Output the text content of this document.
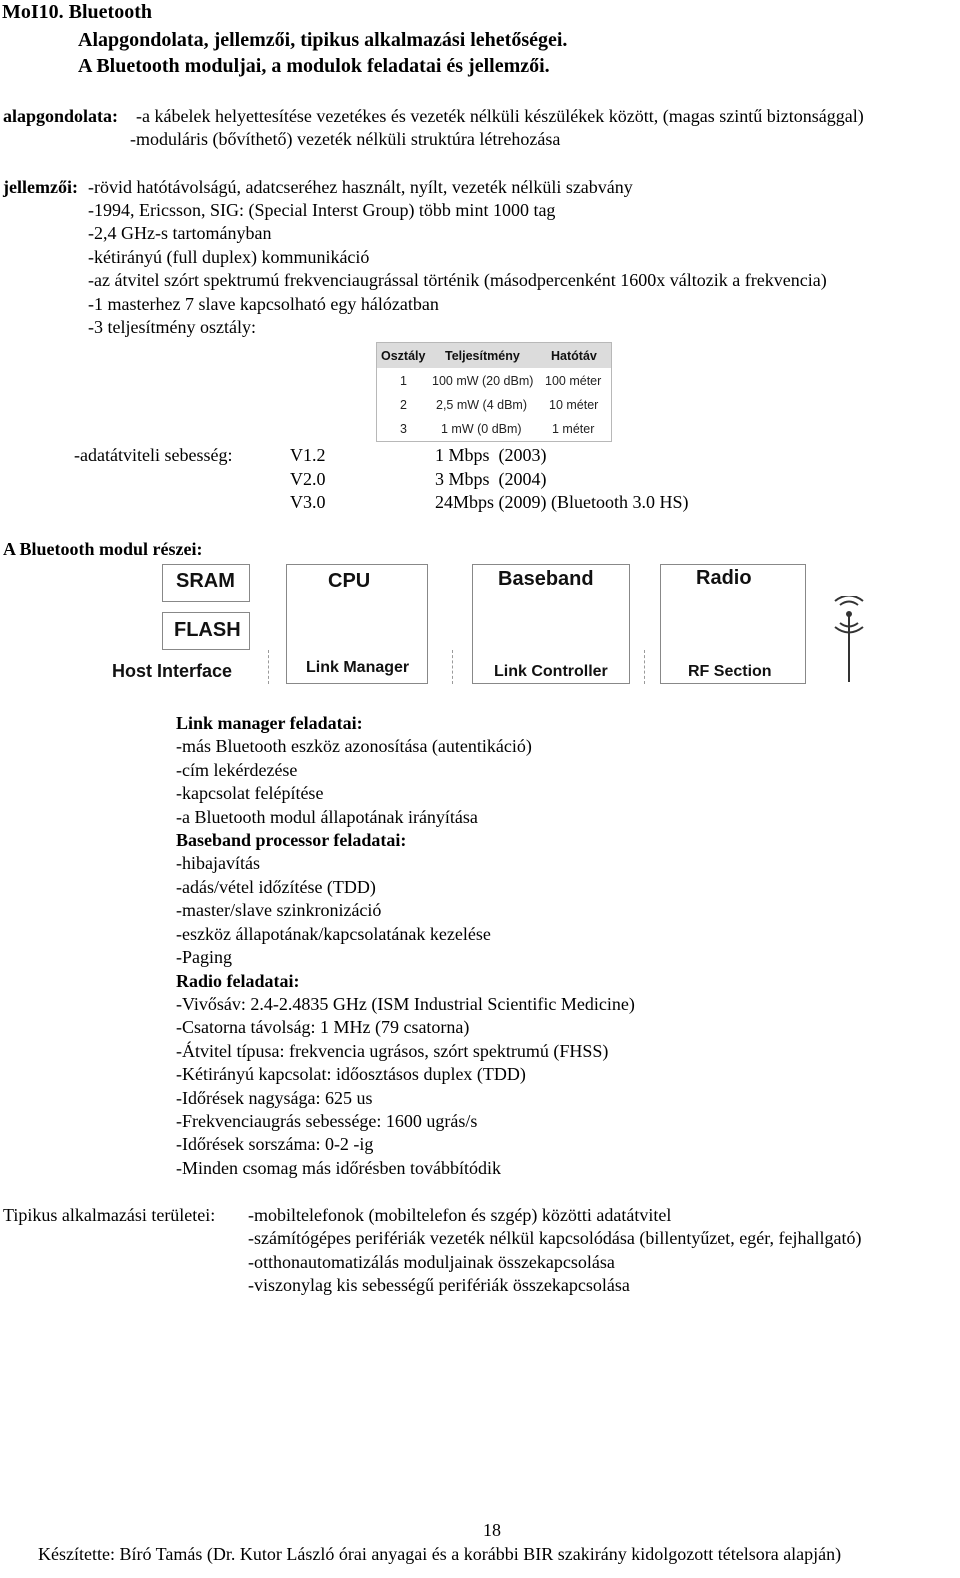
MoI10. Bluetooth
Alapgondolata, jellemzői, tipikus alkalmazási lehetőségei.
A Bluetooth moduljai, a modulok feladatai és jellemzői.
alapgondolata: -a kábelek helyettesítése vezetékes és vezeték nélküli készülékek között, (magas szintű biztonsággal)
-moduláris (bővíthető) vezeték nélküli struktúra létrehozása
jellemzői: -rövid hatótávolságú, adatcseréhez használt, nyílt, vezeték nélküli szabvány
-1994, Ericsson, SIG: (Special Interst Group) több mint 1000 tag
-2,4 GHz-s tartományban
-kétirányú (full duplex) kommunikáció
-az átvitel szórt spektrumú frekvenciaugrással történik (másodpercenként 1600x változik a frekvencia)
-1 masterhez 7 slave kapcsolható egy hálózatban
-3 teljesítmény osztály:
Osztály Teljesítmény Hatótáv
1 100 mW (20 dBm) 100 méter
2 2,5 mW (4 dBm) 10 méter
3	1 mW (0 dBm) 1 méter
-adatátviteli sebesség:	V1.2	1 Mbps  (2003)
V2.0	3 Mbps  (2004)
V3.0	24Mbps (2009) (Bluetooth 3.0 HS)
A Bluetooth modul részei:
SRAM
FLASH
CPU
Link Manager
Baseband
Link Controller
Radio
RF Section
Host Interface
Link manager feladatai:
-más Bluetooth eszköz azonosítása (autentikáció)
-cím lekérdezése
-kapcsolat felépítése
-a Bluetooth modul állapotának irányítása
Baseband processor feladatai:
-hibajavítás
-adás/vétel időzítése (TDD)
-master/slave szinkronizáció
-eszköz állapotának/kapcsolatának kezelése
-Paging
Radio feladatai:
-Vivősáv: 2.4-2.4835 GHz (ISM Industrial Scientific Medicine)
-Csatorna távolság: 1 MHz (79 csatorna)
-Átvitel típusa: frekvencia ugrásos, szórt spektrumú (FHSS)
-Kétirányú kapcsolat: időosztásos duplex (TDD)
-Időrések nagysága: 625 us
-Frekvenciaugrás sebessége: 1600 ugrás/s
-Időrések sorszáma: 0-2 -ig
-Minden csomag más időrésben továbbítódik
Tipikus alkalmazási területei: -mobiltelefonok (mobiltelefon és szgép) közötti adatátvitel
-számítógépes perifériák vezeték nélkül kapcsolódása (billentyűzet, egér, fejhallgató)
-otthonautomatizálás moduljainak összekapcsolása
-viszonylag kis sebességű perifériák összekapcsolása
18
Készítette: Bíró Tamás (Dr. Kutor László órai anyagai és a korábbi BIR szakirány kidolgozott tételsora alapján)
